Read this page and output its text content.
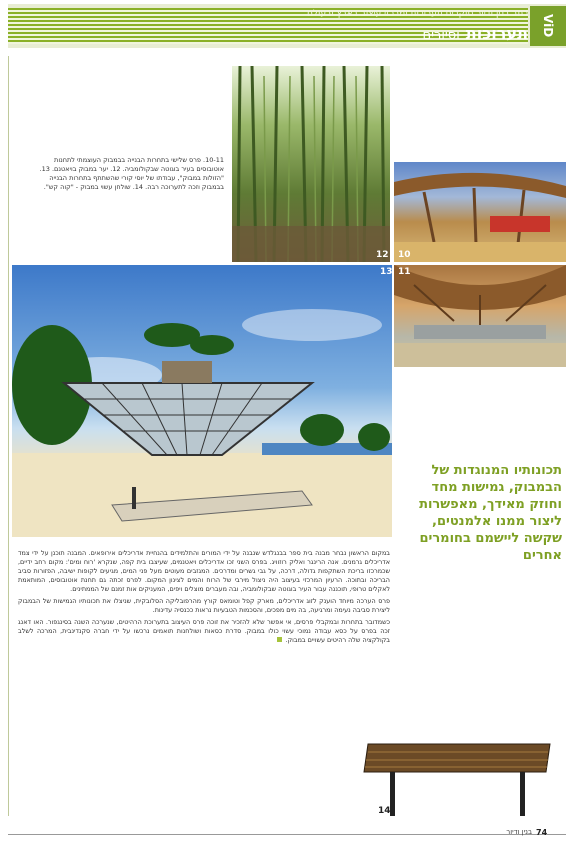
כתב בנין ודיור סוקרים תערוכות ומרכזי עיצוב בארץ ובעולם
תערוכותוסיורים	ViD
12 10
11
10-11. פרס שלישי בתחרות הבנייה בבמבוק העוצמתי לתחנות אוטובוסים בעיר בוגוטה שבקולומביה. 12. יער במבוק בויאטנם. 13. "הזולות במבוק", עבודתו של יוסי קורי שהשתתף בתחרות הבנייה בבמבוק וזכה לתערוכה רבה. 14. שולחן עשוי במבוק - "קוה קש".
13
תכונותיו המנוגדות של הבמבוק, גמישות מחד וחוזק מאידך, מאפשרות ליצור ממנו אלמנטים, שקשה ליישמם בחומרים אחרים

במקום הראשון נבחר מבנה בית ספר בבנגלדש שנבנה על ידי המורים והתלמידים בהנחיית אדריכלים אירופאים. המבנה תוכנן על ידי צמד אדריכלים גרמנים. אנה הרינגר ואליק רוזוויג. בפרס השני זכו אדריכלים ויאטנמים, שעיצבו בית קפה, שנקרא 'רוח ומים': מקום רחב ידיים, שכמרכזו בריכת השתקפות גדולה, דרכה, על גבי גשרים ומדרכים. המגזבים מעוטים מעל פני המים, מגיעים לקופות ישיבה, הפזורות סביב הבריכה ובתוכה. הרעיון המרכזי בעיצוב היה ניצול מירבי של הרוח והמים לצינון המקום. לפרס זכתה גם תחנת אוטובוסים, המותאמת לאקלים טרופי, תוכננה עבור העיר בוגוטה שבקולומביה, ובה מעברים מוצלים ויפים, המעניקים אות זמנם של הממתינים.

פרס הערכה מיוחד הוענק לזוג אדריכלים, מארק קפל וטומאס קורץ מהרפובליקה הסלובקית, שניצלו את תכונותיו הגמישות של הבמבוק ליצירת סביבה נעימה ומרגיעה, בה מים מפכים, והסכמות הטבעיות נראות ככנסיה עדינות.

כשמדובר בתחרות ובמקבלי פרסים, אי אפשר שלא להזכיר את זוכה פרס העיצוב בתערוכת הרהיטים, שנערכה השנה בסינגפור. האו דאנג זכה בפרס על כסא עבודה נמוכי עשוי כולו במבוק. סדרת כסאות ושולחנות תואמים נרכשו על ידי חברה סקנדינבית, המרכה לשלב בקולקציה שלה רהיטים עשויים במבוק.

14
בנין ודיור 74
